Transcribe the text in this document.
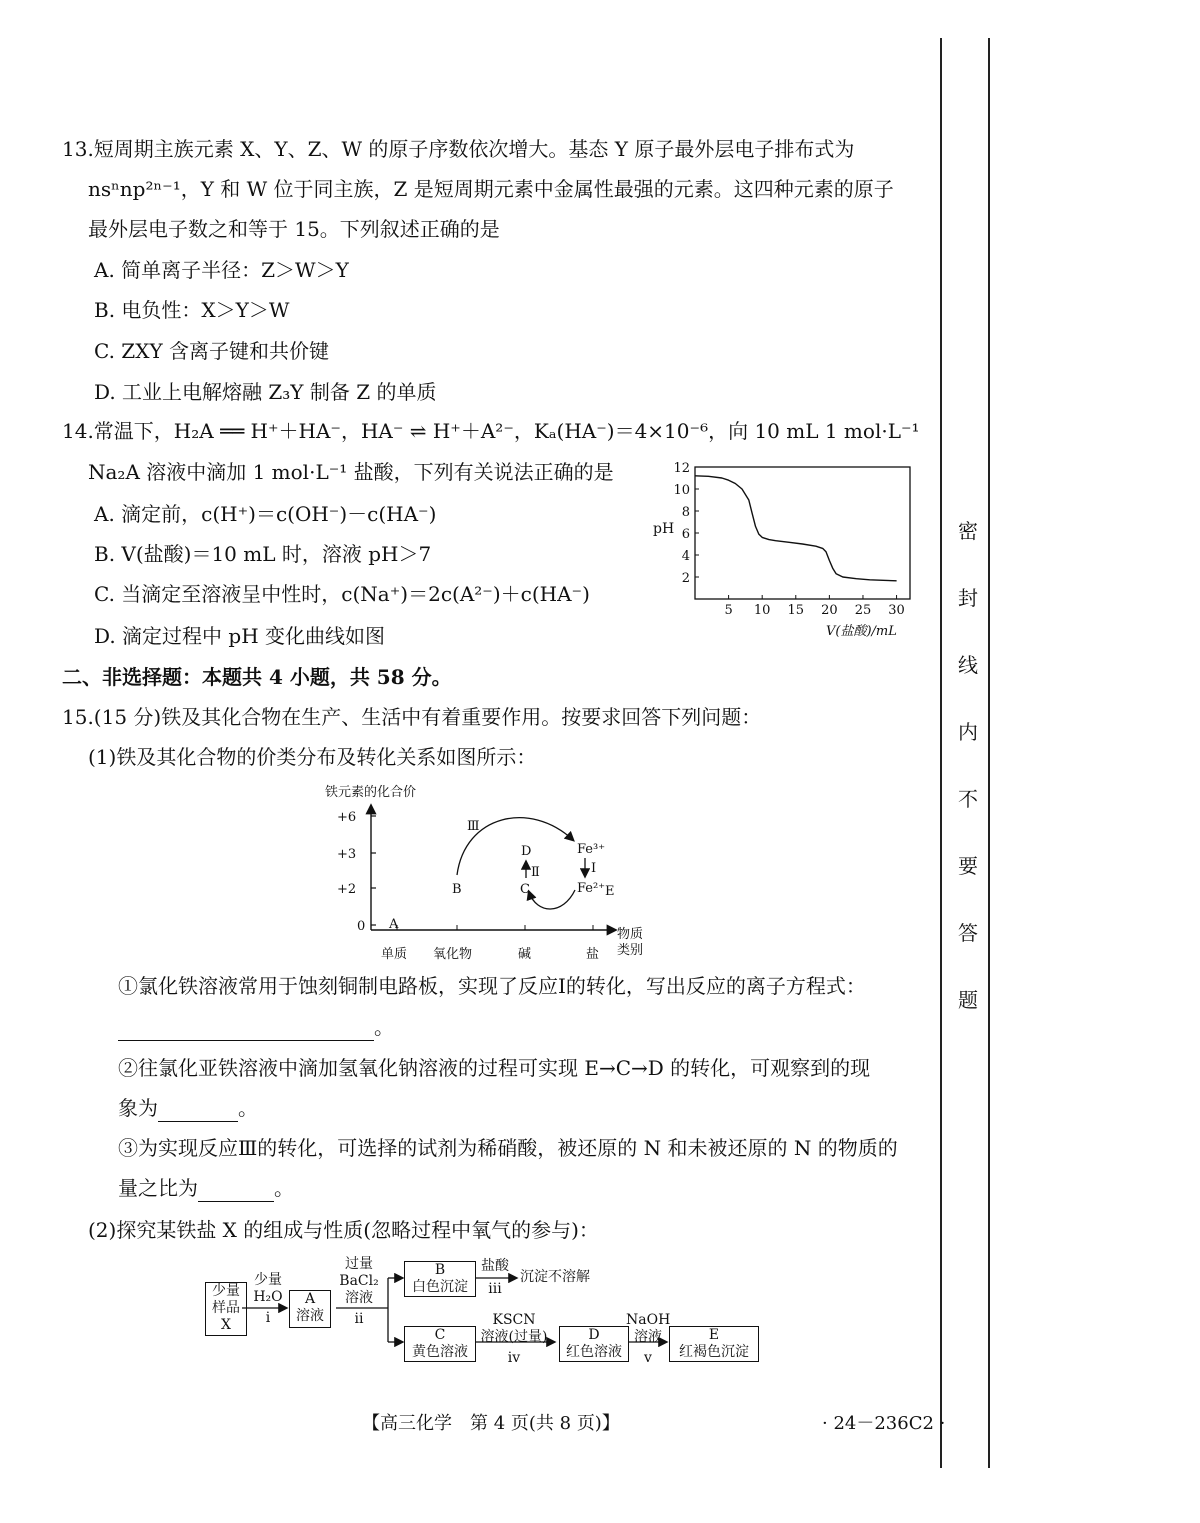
密
封
线
内
不
要
答
题
13.短周期主族元素 X、Y、Z、W 的原子序数依次增大。基态 Y 原子最外层电子排布式为
nsⁿnp²ⁿ⁻¹，Y 和 W 位于同主族，Z 是短周期元素中金属性最强的元素。这四种元素的原子
最外层电子数之和等于 15。下列叙述正确的是
A. 简单离子半径：Z＞W＞Y
B. 电负性：X＞Y＞W
C. ZXY 含离子键和共价键
D. 工业上电解熔融 Z₃Y 制备 Z 的单质
14.常温下，H₂A ══ H⁺＋HA⁻，HA⁻ ⇌ H⁺＋A²⁻，Kₐ(HA⁻)＝4×10⁻⁶，向 10 mL 1 mol·L⁻¹
Na₂A 溶液中滴加 1 mol·L⁻¹ 盐酸，下列有关说法正确的是
A. 滴定前，c(H⁺)＝c(OH⁻)－c(HA⁻)
B. V(盐酸)＝10 mL 时，溶液 pH＞7
C. 当滴定至溶液呈中性时，c(Na⁺)＝2c(A²⁻)＋c(HA⁻)
D. 滴定过程中 pH 变化曲线如图
pH
V(盐酸)/mL
5 10 15 20 25 30
2
4
6
8
10
12
二、非选择题：本题共 4 小题，共 58 分。
15.(15 分)铁及其化合物在生产、生活中有着重要作用。按要求回答下列问题：
(1)铁及其化合物的价类分布及转化关系如图所示：
铁元素的化合价
+6
+3
+2
0
单质 氧化物	碱	盐
物质
类别
A
B	C
D	Fe³⁺
Fe²⁺ E
Ⅲ
Ⅰ
Ⅱ
①氯化铁溶液常用于蚀刻铜制电路板，实现了反应Ⅰ的转化，写出反应的离子方程式：
。
②往氯化亚铁溶液中滴加氢氧化钠溶液的过程可实现 E→C→D 的转化，可观察到的现
象为	。
③为实现反应Ⅲ的转化，可选择的试剂为稀硝酸，被还原的 N 和未被还原的 N 的物质的
量之比为	。
(2)探究某铁盐 X 的组成与性质(忽略过程中氧气的参与)：
少量
样品
X
少量
H₂O
i
A
溶液
过量
BaCl₂
溶液
ii
B
白色沉淀
盐酸
iii
沉淀不溶解
C
黄色溶液
KSCN
溶液(过量)
iv
D
红色溶液
NaOH
溶液
v
E
红褐色沉淀
【高三化学　第 4 页(共 8 页)】	· 24－236C2 ·
